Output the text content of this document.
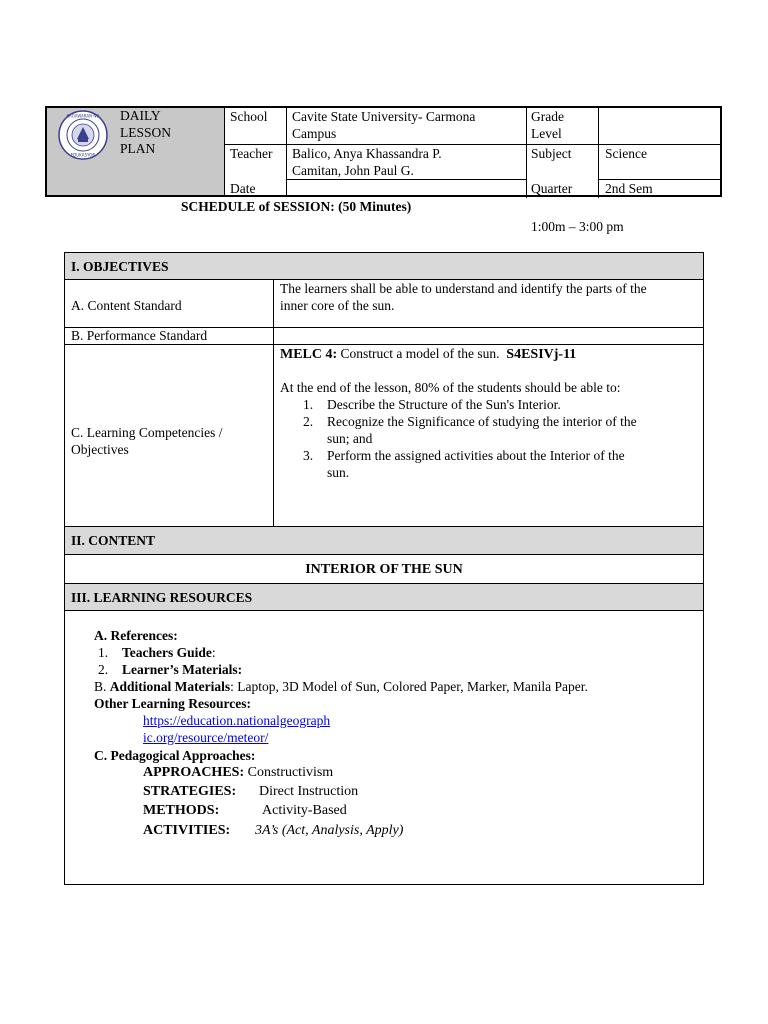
KAGAWARAN NG
EDUKASYON
DAILY
LESSON
PLAN
School Cavite State University- Carmona
Campus
Grade
Level
Teacher Balico, Anya Khassandra P.
Camitan, John Paul G.
Subject Science
Date	Quarter 2nd Sem
SCHEDULE of SESSION: (50 Minutes)
1:00m – 3:00 pm
I. OBJECTIVES
A. Content Standard
The learners shall be able to understand and identify the parts of the
inner core of the sun.
B. Performance Standard
C. Learning Competencies /
Objectives
MELC 4: Construct a model of the sun. S4ESIVj-11
At the end of the lesson, 80% of the students should be able to:
1. Describe the Structure of the Sun's Interior.
2. Recognize the Significance of studying the interior of the
sun; and
3. Perform the assigned activities about the Interior of the
sun.
II. CONTENT
INTERIOR OF THE SUN
III. LEARNING RESOURCES
A. References:
1. Teachers Guide:
2. Learner’s Materials:
B. Additional Materials: Laptop, 3D Model of Sun, Colored Paper, Marker, Manila Paper.
Other Learning Resources:
https://education.nationalgeograph
ic.org/resource/meteor/
C. Pedagogical Approaches:
APPROACHES: Constructivism
STRATEGIES: Direct Instruction
METHODS:	Activity-Based
ACTIVITIES: 3A’s (Act, Analysis, Apply)
